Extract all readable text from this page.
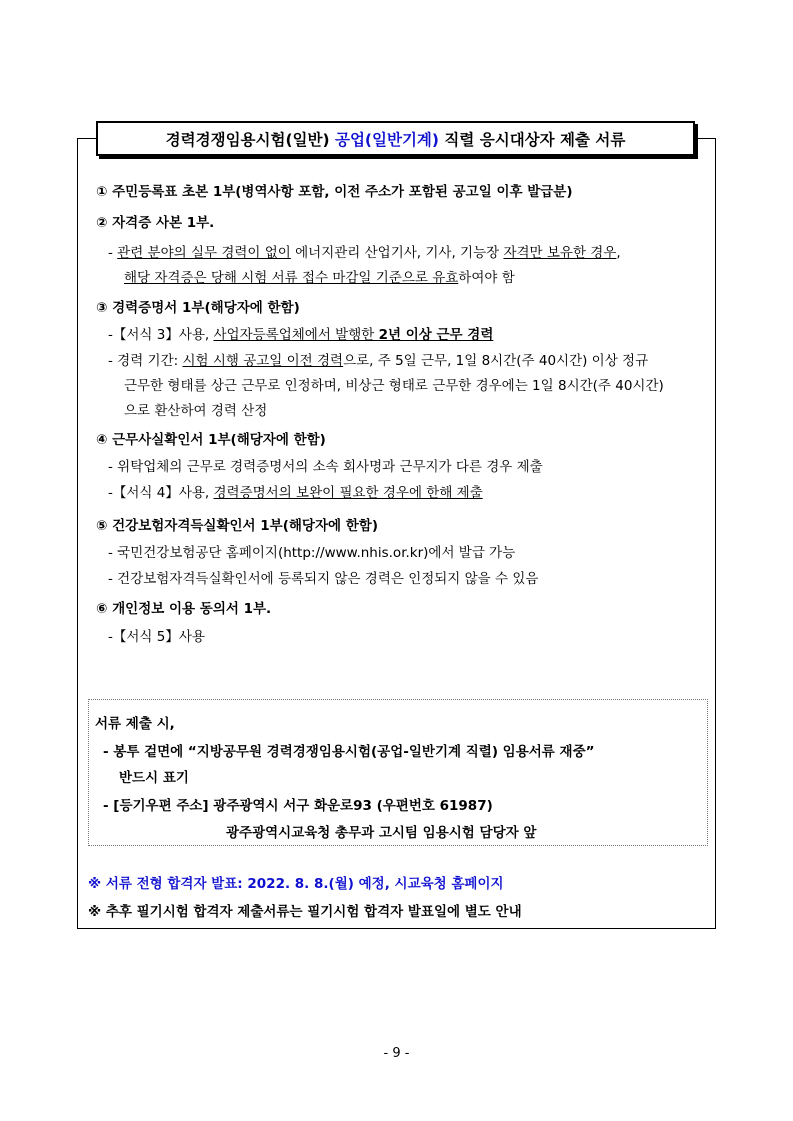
경력경쟁임용시험(일반)
공업(일반기계)
직렬 응시대상자 제출 서류
① 주민등록표 초본 1부(병역사항 포함, 이전 주소가 포함된 공고일 이후 발급분)
② 자격증 사본 1부.
- 관련 분야의 실무 경력이 없이 에너지관리 산업기사, 기사, 기능장 자격만 보유한 경우,
해당 자격증은 당해 시험 서류 접수 마감일 기준으로 유효하여야 함
③ 경력증명서 1부(해당자에 한함)
-【서식 3】사용, 사업자등록업체에서 발행한 2년 이상 근무 경력
- 경력 기간: 시험 시행 공고일 이전 경력으로, 주 5일 근무, 1일 8시간(주 40시간) 이상 정규
근무한 형태를 상근 근무로 인정하며, 비상근 형태로 근무한 경우에는 1일 8시간(주 40시간)
으로 환산하여 경력 산정
④ 근무사실확인서 1부(해당자에 한함)
- 위탁업체의 근무로 경력증명서의 소속 회사명과 근무지가 다른 경우 제출
-【서식 4】사용, 경력증명서의 보완이 필요한 경우에 한해 제출
⑤ 건강보험자격득실확인서 1부(해당자에 한함)
- 국민건강보험공단 홈페이지(http://www.nhis.or.kr)에서 발급 가능
- 건강보험자격득실확인서에 등록되지 않은 경력은 인정되지 않을 수 있음
⑥ 개인정보 이용 동의서 1부.
-【서식 5】사용
서류 제출 시,
- 봉투 겉면에 “지방공무원 경력경쟁임용시험(공업-일반기계 직렬) 임용서류 재중”
반드시 표기
- [등기우편 주소] 광주광역시 서구 화운로93 (우편번호 61987)
광주광역시교육청 총무과 고시팀 임용시험 담당자 앞
※ 서류 전형 합격자 발표: 2022. 8. 8.(월) 예정, 시교육청 홈페이지
※ 추후 필기시험 합격자 제출서류는 필기시험 합격자 발표일에 별도 안내
- 9 -
